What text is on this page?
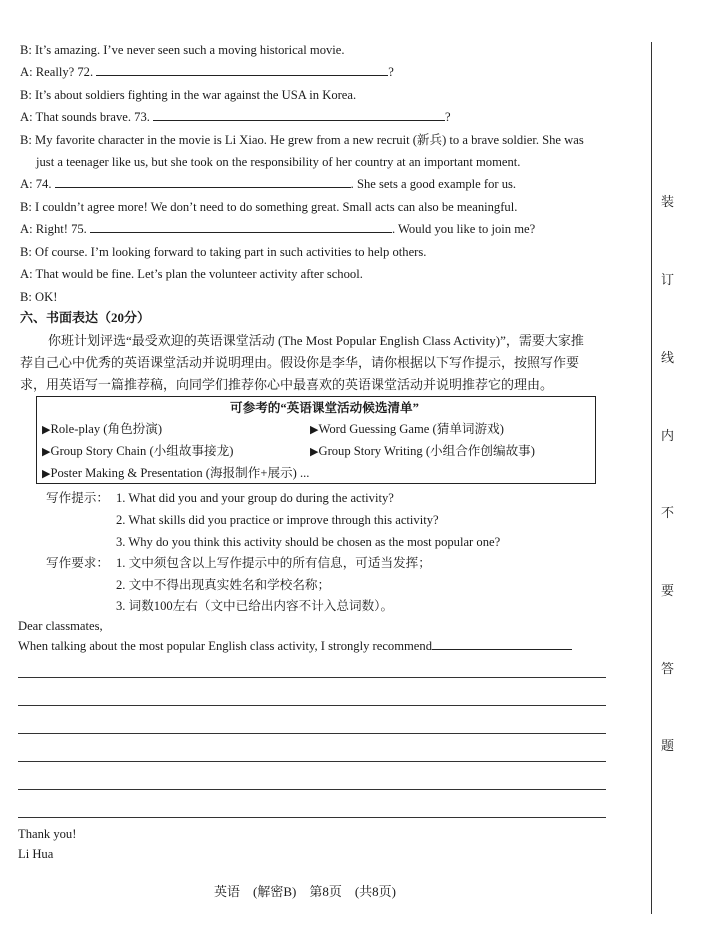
B: It’s amazing. I’ve never seen such a moving historical movie.
A: Really? 72.	?
B: It’s about soldiers fighting in the war against the USA in Korea.
A: That sounds brave. 73.	?
B: My favorite character in the movie is Li Xiao. He grew from a new recruit (新兵) to a brave soldier. She was
just a teenager like us, but she took on the responsibility of her country at an important moment.
A: 74.	. She sets a good example for us.
B: I couldn’t agree more! We don’t need to do something great. Small acts can also be meaningful.
A: Right! 75.	. Would you like to join me?
B: Of course. I’m looking forward to taking part in such activities to help others.
A: That would be fine. Let’s plan the volunteer activity after school.
B: OK!
六、书面表达（20分）
你班计划评选“最受欢迎的英语课堂活动 (The Most Popular English Class Activity)”，需要大家推
荐自己心中优秀的英语课堂活动并说明理由。假设你是李华，请你根据以下写作提示，按照写作要
求，用英语写一篇推荐稿，向同学们推荐你心中最喜欢的英语课堂活动并说明推荐它的理由。
可参考的“英语课堂活动候选清单”
▶Role-play (角色扮演)	▶Word Guessing Game (猜单词游戏)
▶Group Story Chain (小组故事接龙)	▶Group Story Writing (小组合作创编故事)
▶Poster Making & Presentation (海报制作+展示) ...
写作提示： 1. What did you and your group do during the activity?
2. What skills did you practice or improve through this activity?
3. Why do you think this activity should be chosen as the most popular one?
写作要求： 1. 文中须包含以上写作提示中的所有信息，可适当发挥；
2. 文中不得出现真实姓名和学校名称；
3. 词数100左右（文中已给出内容不计入总词数）。
Dear classmates,
When talking about the most popular English class activity, I strongly recommend
Thank you!
Li Hua
英语　(解密B)　第8页　(共8页)
装
订
线
内
不
要
答
题
